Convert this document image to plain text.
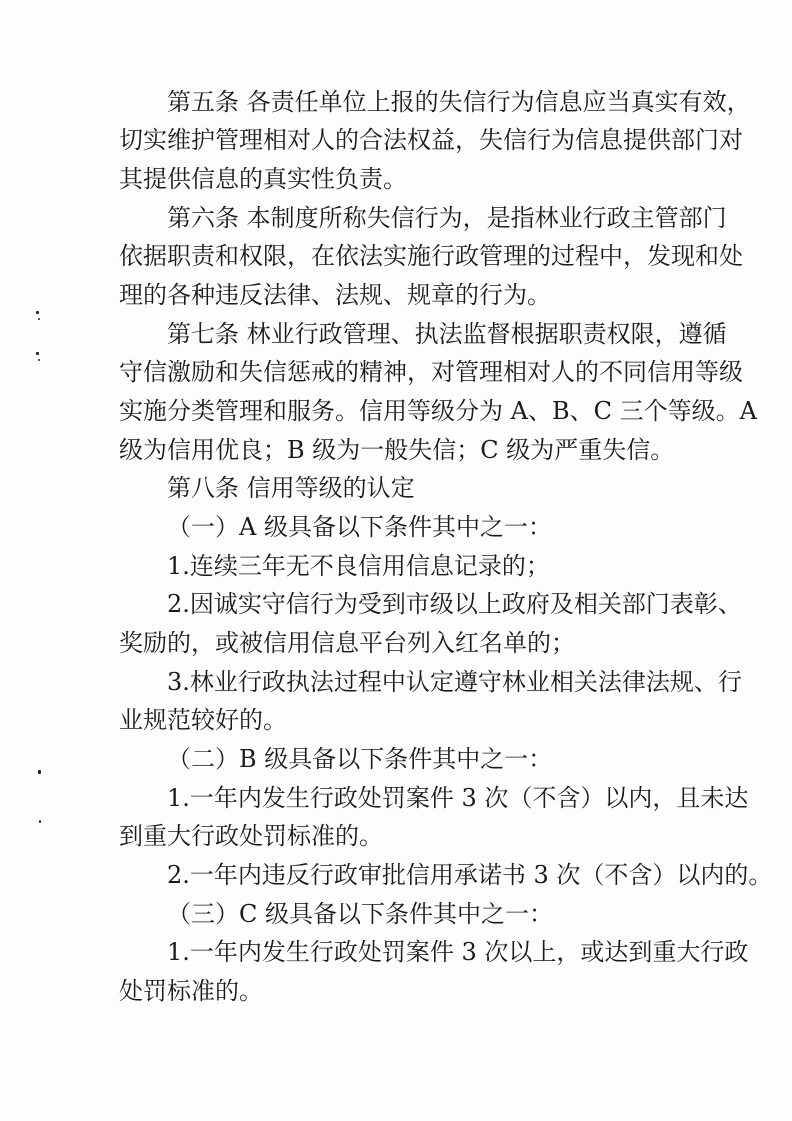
第五条 各责任单位上报的失信行为信息应当真实有效，
切实维护管理相对人的合法权益，失信行为信息提供部门对
其提供信息的真实性负责。
第六条 本制度所称失信行为，是指林业行政主管部门
依据职责和权限，在依法实施行政管理的过程中，发现和处
理的各种违反法律、法规、规章的行为。
第七条 林业行政管理、执法监督根据职责权限，遵循
守信激励和失信惩戒的精神，对管理相对人的不同信用等级
实施分类管理和服务。信用等级分为 A、B、C 三个等级。A
级为信用优良；B 级为一般失信；C 级为严重失信。
第八条 信用等级的认定
（一）A 级具备以下条件其中之一：
1.连续三年无不良信用信息记录的；
2.因诚实守信行为受到市级以上政府及相关部门表彰、
奖励的，或被信用信息平台列入红名单的；
3.林业行政执法过程中认定遵守林业相关法律法规、行
业规范较好的。
（二）B 级具备以下条件其中之一：
1.一年内发生行政处罚案件 3 次（不含）以内，且未达
到重大行政处罚标准的。
2.一年内违反行政审批信用承诺书 3 次（不含）以内的。
（三）C 级具备以下条件其中之一：
1.一年内发生行政处罚案件 3 次以上，或达到重大行政
处罚标准的。
